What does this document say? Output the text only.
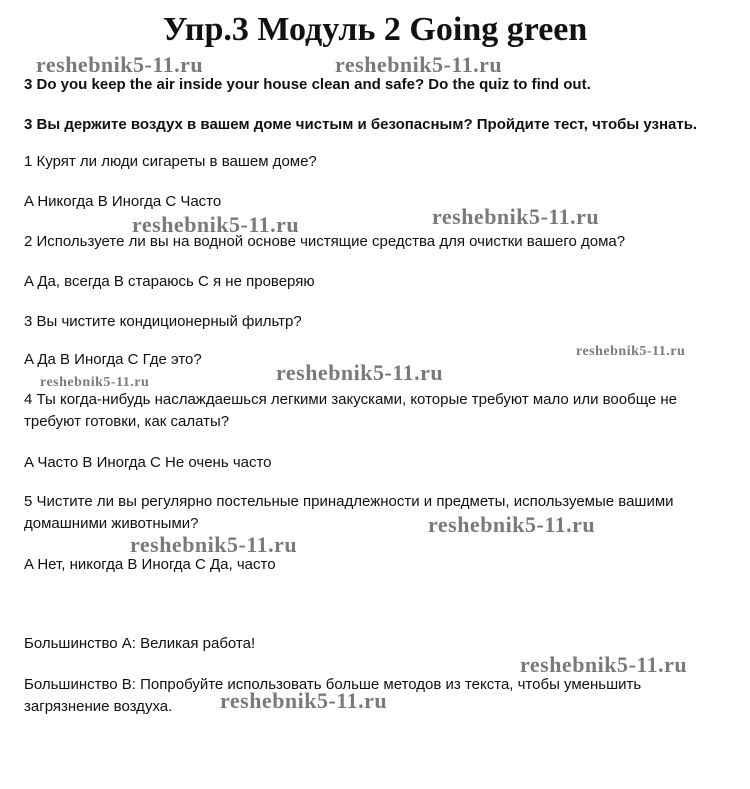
Упр.3 Модуль 2 Going green

3 Do you keep the air inside your house clean and safe? Do the quiz to find out.

3 Вы держите воздух в вашем доме чистым и безопасным? Пройдите тест, чтобы узнать.

1 Курят ли люди сигареты в вашем доме?

A Никогда B Иногда C Часто

2 Используете ли вы на водной основе чистящие средства для очистки вашего дома?

A Да, всегда B стараюсь C я не проверяю

3 Вы чистите кондиционерный фильтр?

A Да B Иногда C Где это?

4 Ты когда-нибудь наслаждаешься легкими закусками, которые требуют мало или вообще не требуют готовки, как салаты?

A Часто B Иногда C Не очень часто

5 Чистите ли вы регулярно постельные принадлежности и предметы, используемые вашими домашними животными?

A Нет, никогда B Иногда C Да, часто

Большинство А: Великая работа!

Большинство В: Попробуйте использовать больше методов из текста, чтобы уменьшить загрязнение воздуха.

reshebnik5-11.ru	reshebnik5-11.ru
reshebnik5-11.ru	reshebnik5-11.ru
reshebnik5-11.ru
reshebnik5-11.ru
reshebnik5-11.ru
reshebnik5-11.ru
reshebnik5-11.ru
reshebnik5-11.ru
reshebnik5-11.ru
